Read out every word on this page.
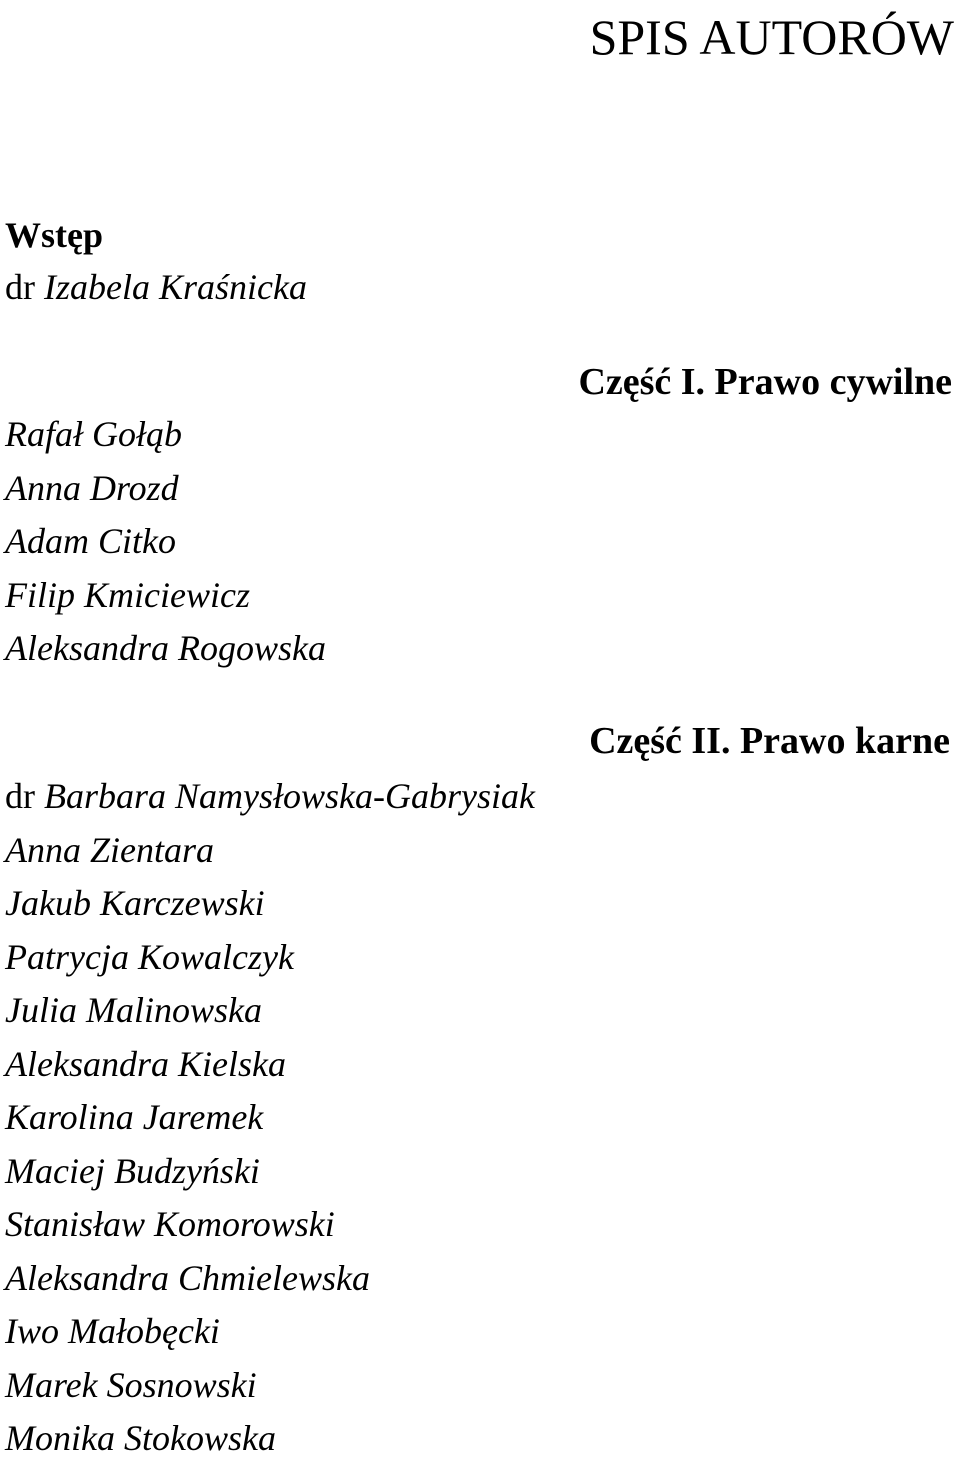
SPIS AUTORÓW
Wstęp

dr Izabela Kraśnicka

Część I. Prawo cywilne

Rafał Gołąb

Anna Drozd

Adam Citko

Filip Kmiciewicz

Aleksandra Rogowska

Część II. Prawo karne

dr Barbara Namysłowska-Gabrysiak

Anna Zientara

Jakub Karczewski

Patrycja Kowalczyk

Julia Malinowska

Aleksandra Kielska

Karolina Jaremek

Maciej Budzyński

Stanisław Komorowski

Aleksandra Chmielewska

Iwo Małobęcki

Marek Sosnowski

Monika Stokowska
